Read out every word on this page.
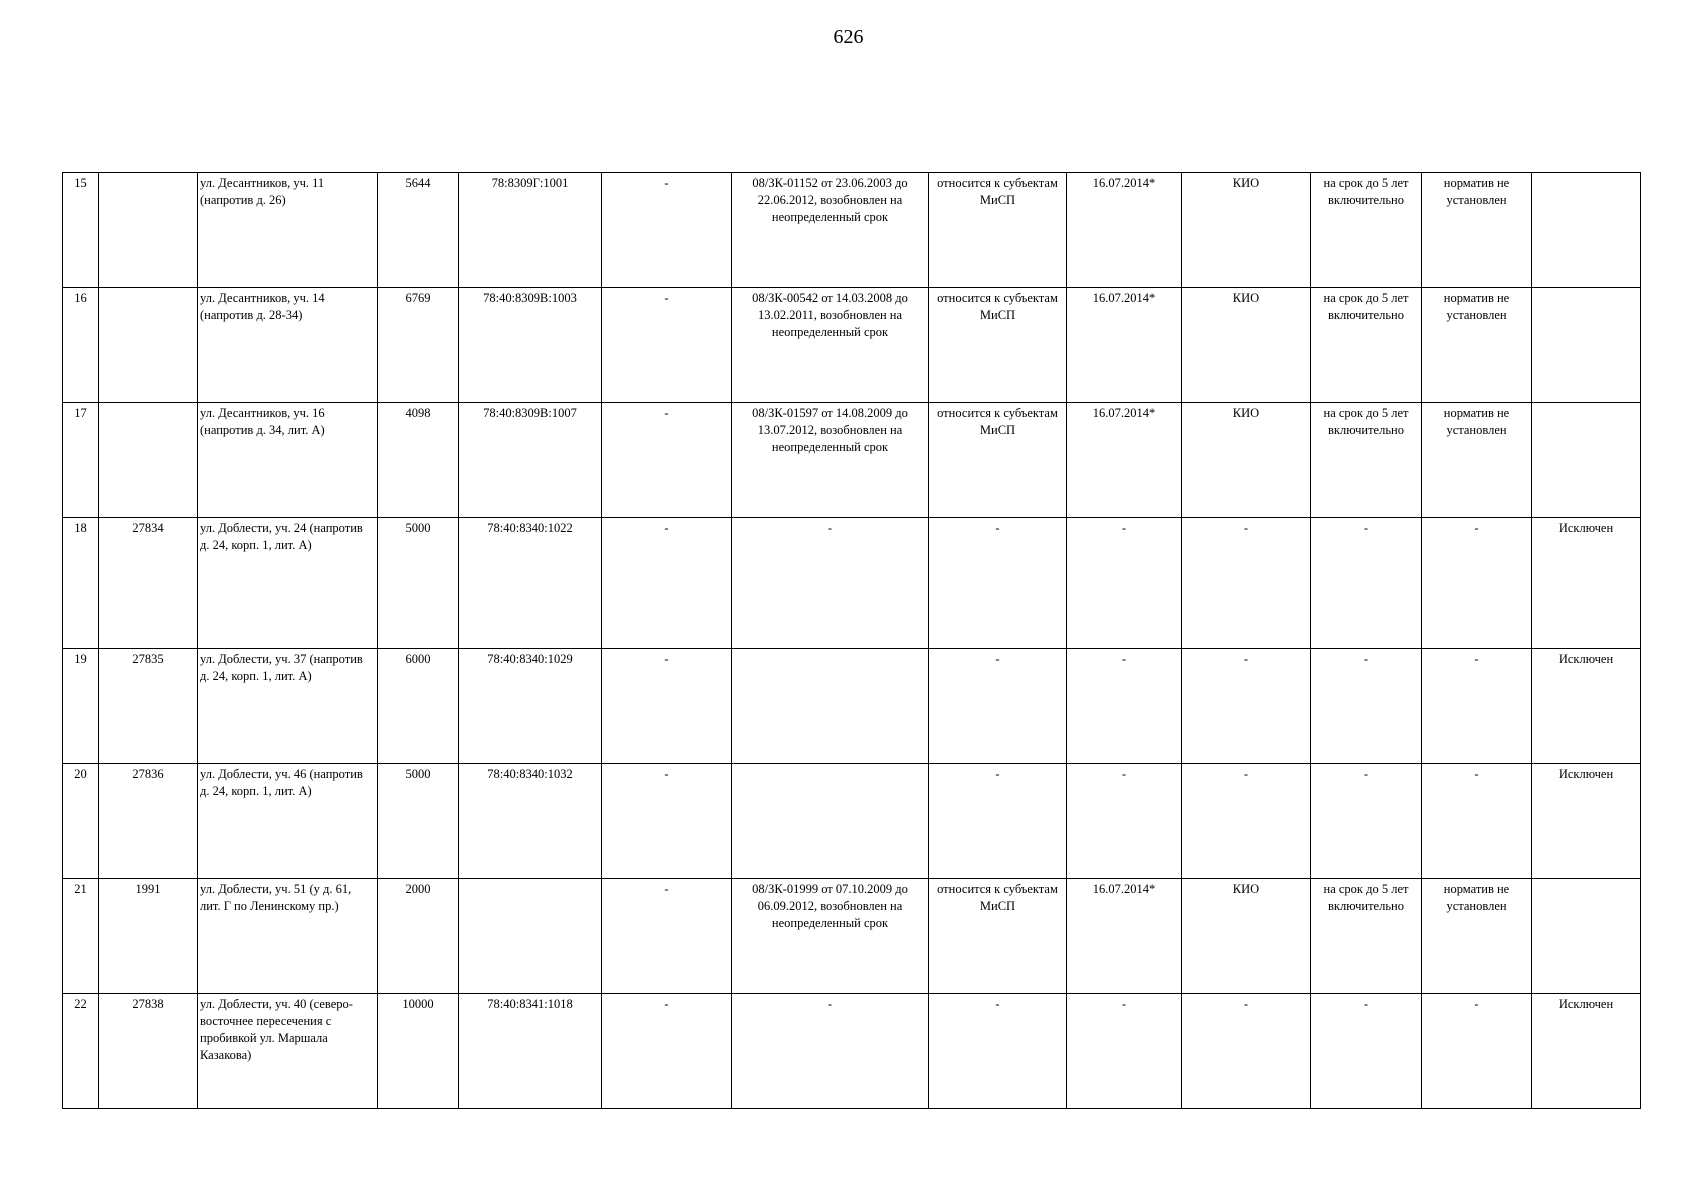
626
15		ул. Десантников, уч. 11 (напротив д. 26)	5644	78:8309Г:1001	-	08/ЗК-01152 от 23.06.2003 до 22.06.2012, возобновлен на неопределенный срок	относится к субъектам МиСП	16.07.2014*	КИО	на срок до 5 лет включительно	норматив не установлен	
16		ул. Десантников, уч. 14 (напротив д. 28-34)	6769	78:40:8309В:1003	-	08/ЗК-00542 от 14.03.2008 до 13.02.2011, возобновлен на неопределенный срок	относится к субъектам МиСП	16.07.2014*	КИО	на срок до 5 лет включительно	норматив не установлен	
17		ул. Десантников, уч. 16 (напротив д. 34, лит. А)	4098	78:40:8309В:1007	-	08/ЗК-01597 от 14.08.2009 до 13.07.2012, возобновлен на неопределенный срок	относится к субъектам МиСП	16.07.2014*	КИО	на срок до 5 лет включительно	норматив не установлен	
18	27834	ул. Доблести, уч. 24 (напротив д. 24, корп. 1, лит. А)	5000	78:40:8340:1022	-	-	-	-	-	-	-	Исключен
19	27835	ул. Доблести, уч. 37 (напротив д. 24, корп. 1, лит. А)	6000	78:40:8340:1029	-		-	-	-	-	-	Исключен
20	27836	ул. Доблести, уч. 46 (напротив д. 24, корп. 1, лит. А)	5000	78:40:8340:1032	-		-	-	-	-	-	Исключен
21	1991	ул. Доблести, уч. 51 (у д. 61, лит. Г по Ленинскому пр.)	2000		-	08/ЗК-01999 от 07.10.2009 до 06.09.2012, возобновлен на неопределенный срок	относится к субъектам МиСП	16.07.2014*	КИО	на срок до 5 лет включительно	норматив не установлен	
22	27838	ул. Доблести, уч. 40 (северо-восточнее пересечения с пробивкой ул. Маршала Казакова)	10000	78:40:8341:1018	-	-	-	-	-	-	-	Исключен
